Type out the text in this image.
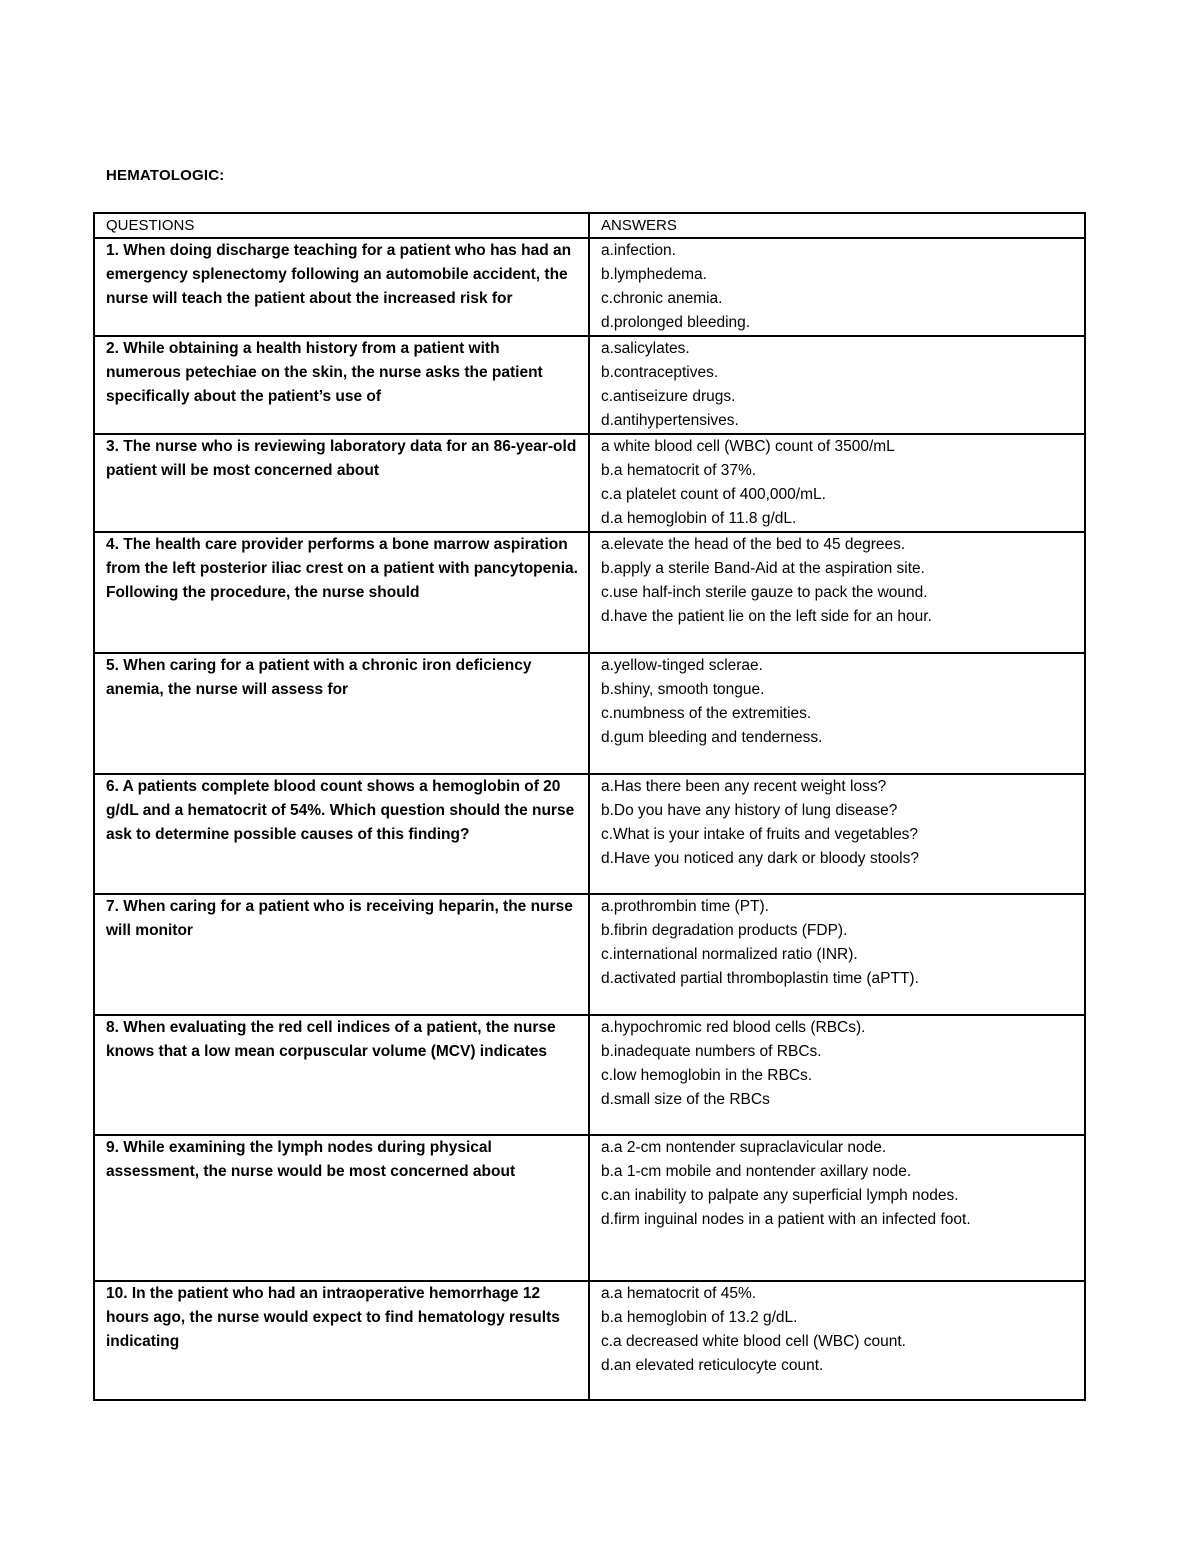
HEMATOLOGIC:
QUESTIONS	ANSWERS
1. When doing discharge teaching for a patient who has had an emergency splenectomy following an automobile accident, the nurse will teach the patient about the increased risk for	a.infection.
b.lymphedema.
c.chronic anemia.
d.prolonged bleeding.

2. While obtaining a health history from a patient with numerous petechiae on the skin, the nurse asks the patient specifically about the patient’s use of	a.salicylates.
b.contraceptives.
c.antiseizure drugs.
d.antihypertensives.

3. The nurse who is reviewing laboratory data for an 86-year-old patient will be most concerned about	a white blood cell (WBC) count of 3500/mL
b.a hematocrit of 37%.
c.a platelet count of 400,000/mL.
d.a hemoglobin of 11.8 g/dL.

4. The health care provider performs a bone marrow aspiration from the left posterior iliac crest on a patient with pancytopenia. Following the procedure, the nurse should	a.elevate the head of the bed to 45 degrees.
b.apply a sterile Band-Aid at the aspiration site.
c.use half-inch sterile gauze to pack the wound.
d.have the patient lie on the left side for an hour.

5. When caring for a patient with a chronic iron deficiency anemia, the nurse will assess for	a.yellow-tinged sclerae.
b.shiny, smooth tongue.
c.numbness of the extremities.
d.gum bleeding and tenderness.

6. A patients complete blood count shows a hemoglobin of 20 g/dL and a hematocrit of 54%. Which question should the nurse ask to determine possible causes of this finding?	a.Has there been any recent weight loss?
b.Do you have any history of lung disease?
c.What is your intake of fruits and vegetables?
d.Have you noticed any dark or bloody stools?

7. When caring for a patient who is receiving heparin, the nurse will monitor	a.prothrombin time (PT).
b.fibrin degradation products (FDP).
c.international normalized ratio (INR).
d.activated partial thromboplastin time (aPTT).

8. When evaluating the red cell indices of a patient, the nurse knows that a low mean corpuscular volume (MCV) indicates	a.hypochromic red blood cells (RBCs).
b.inadequate numbers of RBCs.
c.low hemoglobin in the RBCs.
d.small size of the RBCs

9. While examining the lymph nodes during physical assessment, the nurse would be most concerned about	a.a 2-cm nontender supraclavicular node.
b.a 1-cm mobile and nontender axillary node.
c.an inability to palpate any superficial lymph nodes.
d.firm inguinal nodes in a patient with an infected foot.

10. In the patient who had an intraoperative hemorrhage 12 hours ago, the nurse would expect to find hematology results indicating	a.a hematocrit of 45%.
b.a hemoglobin of 13.2 g/dL.
c.a decreased white blood cell (WBC) count.
d.an elevated reticulocyte count.
